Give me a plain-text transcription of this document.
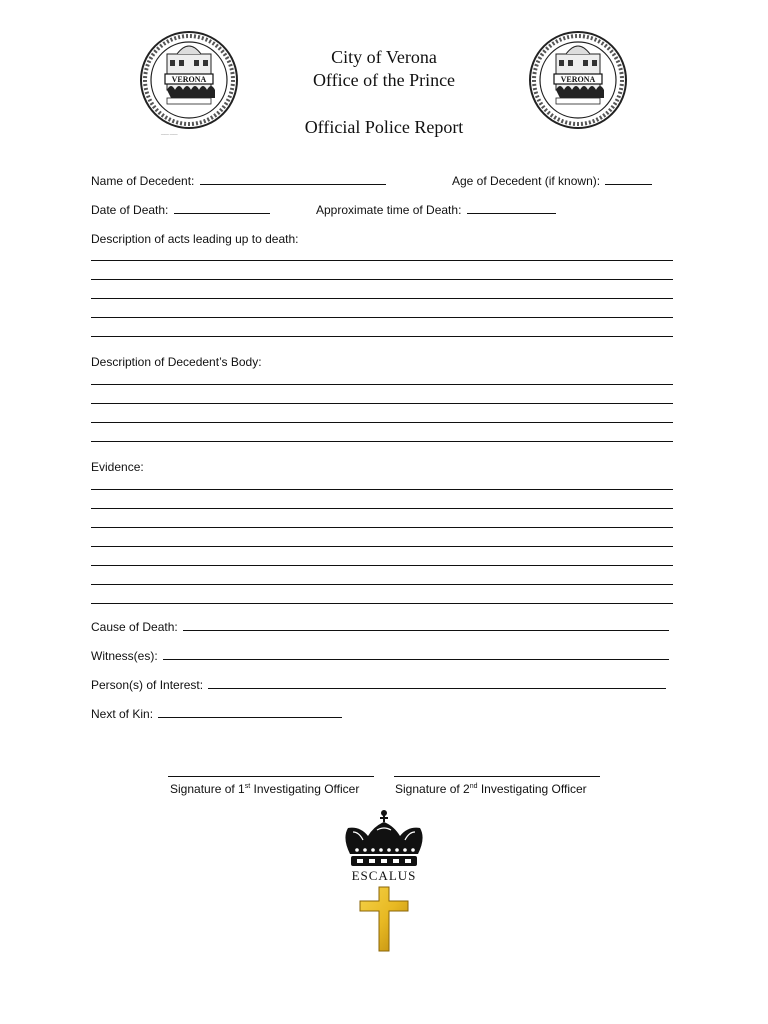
VERONA
____ ____
VERONA
City of Verona
Office of the Prince
Official Police Report
Name of Decedent:	Age of Decedent (if known):
Date of Death:	Approximate time of Death:
Description of acts leading up to death:
Description of Decedent’s Body:
Evidence:
Cause of Death:
Witness(es):
Person(s) of Interest:
Next of Kin:
Signature of 1st Investigating Officer	Signature of 2nd Investigating Officer
ESCALUS
